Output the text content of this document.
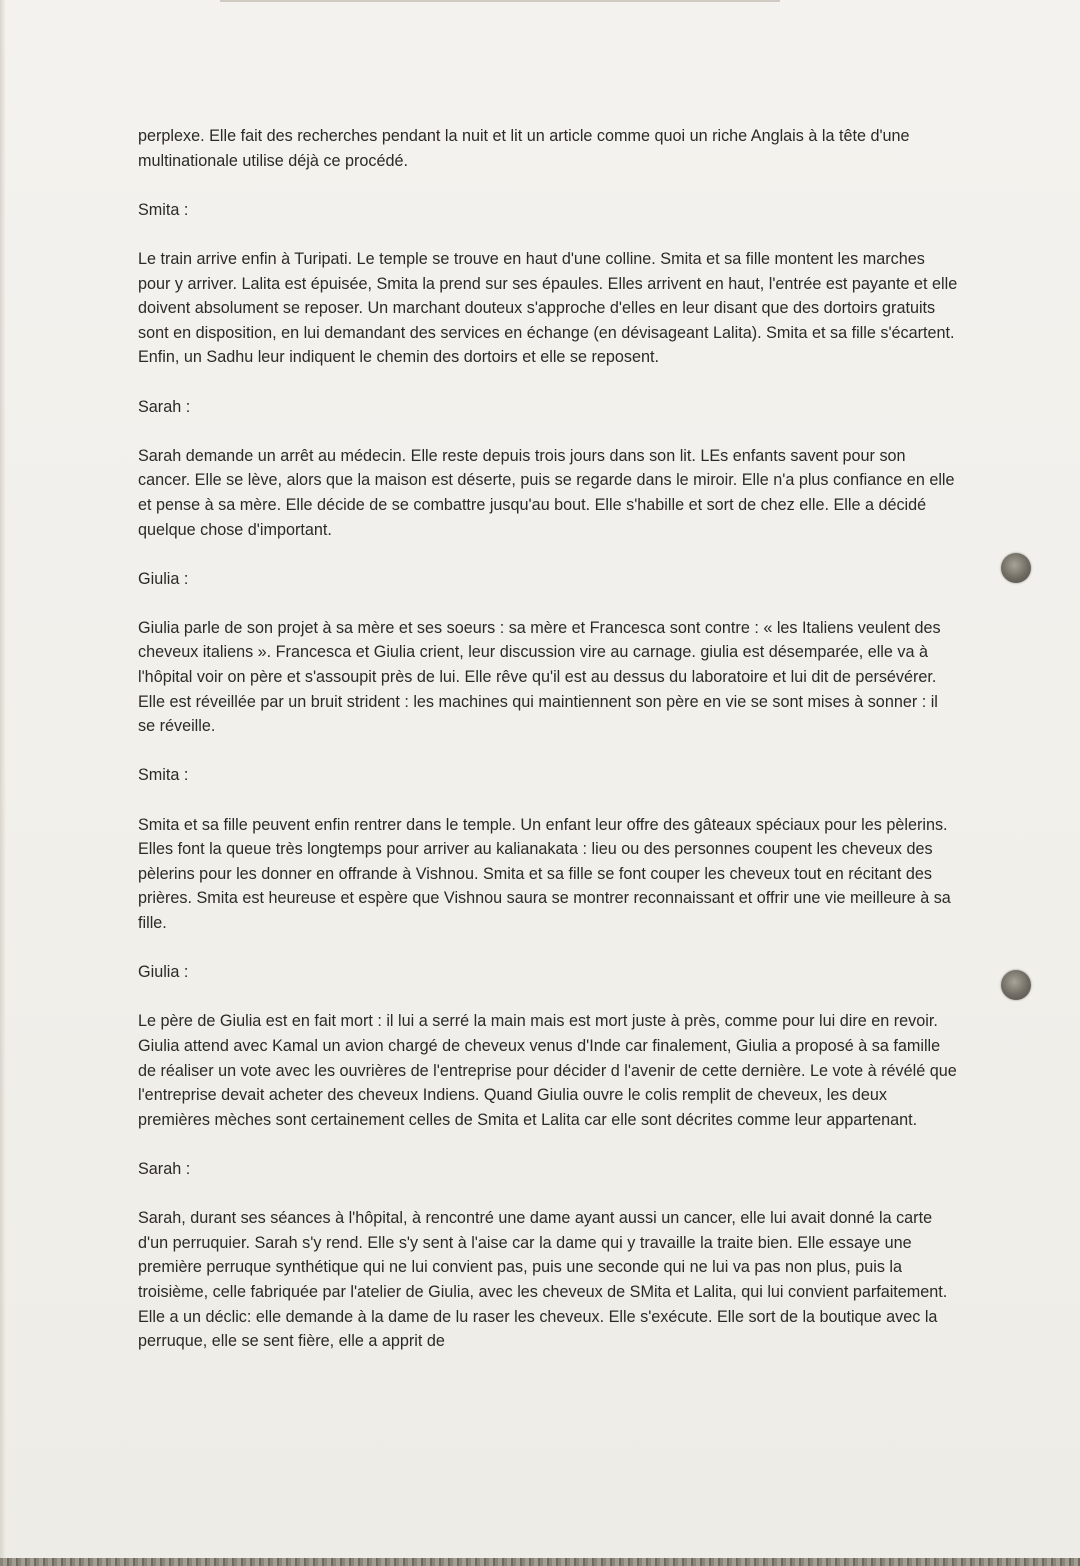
perplexe. Elle fait des recherches pendant la nuit et lit un article comme quoi un riche Anglais à la tête d'une multinationale utilise déjà ce procédé.

Smita :

Le train arrive enfin à Turipati. Le temple se trouve en haut d'une colline. Smita et sa fille montent les marches pour y arriver. Lalita est épuisée, Smita la prend sur ses épaules. Elles arrivent en haut, l'entrée est payante et elle doivent absolument se reposer. Un marchant douteux s'approche d'elles en leur disant que des dortoirs gratuits sont en disposition, en lui demandant des services en échange (en dévisageant Lalita). Smita et sa fille s'écartent. Enfin, un Sadhu leur indiquent le chemin des dortoirs et elle se reposent.

Sarah :

Sarah demande un arrêt au médecin. Elle reste depuis trois jours dans son lit. LEs enfants savent pour son cancer. Elle se lève, alors que la maison est déserte, puis se regarde dans le miroir. Elle n'a plus confiance en elle et pense à sa mère. Elle décide de se combattre jusqu'au bout. Elle s'habille et sort de chez elle. Elle a décidé quelque chose d'important.

Giulia :

Giulia parle de son projet à sa mère et ses soeurs : sa mère et Francesca sont contre : « les Italiens veulent des cheveux italiens ». Francesca et Giulia crient, leur discussion vire au carnage. giulia est désemparée, elle va à l'hôpital voir on père et s'assoupit près de lui. Elle rêve qu'il est au dessus du laboratoire et lui dit de persévérer. Elle est réveillée par un bruit strident : les machines qui maintiennent son père en vie se sont mises à sonner : il se réveille.

Smita :

Smita et sa fille peuvent enfin rentrer dans le temple. Un enfant leur offre des gâteaux spéciaux pour les pèlerins. Elles font la queue très longtemps pour arriver au kalianakata : lieu ou des personnes coupent les cheveux des pèlerins pour les donner en offrande à Vishnou. Smita et sa fille se font couper les cheveux tout en récitant des prières. Smita est heureuse et espère que Vishnou saura se montrer reconnaissant et offrir une vie meilleure à sa fille.

Giulia :

Le père de Giulia est en fait mort : il lui a serré la main mais est mort juste à près, comme pour lui dire en revoir. Giulia attend avec Kamal un avion chargé de cheveux venus d'Inde car finalement, Giulia a proposé à sa famille de réaliser un vote avec les ouvrières de l'entreprise pour décider d l'avenir de cette dernière. Le vote à révélé que l'entreprise devait acheter des cheveux Indiens. Quand Giulia ouvre le colis remplit de cheveux, les deux premières mèches sont certainement celles de Smita et Lalita car elle sont décrites comme leur appartenant.

Sarah :

Sarah, durant ses séances à l'hôpital, à rencontré une dame ayant aussi un cancer, elle lui avait donné la carte d'un perruquier. Sarah s'y rend. Elle s'y sent à l'aise car la dame qui y travaille la traite bien. Elle essaye une première perruque synthétique qui ne lui convient pas, puis une seconde qui ne lui va pas non plus, puis la troisième, celle fabriquée par l'atelier de Giulia, avec les cheveux de SMita et Lalita, qui lui convient parfaitement. Elle a un déclic: elle demande à la dame de lu raser les cheveux. Elle s'exécute. Elle sort de la boutique avec la perruque, elle se sent fière, elle a apprit de
